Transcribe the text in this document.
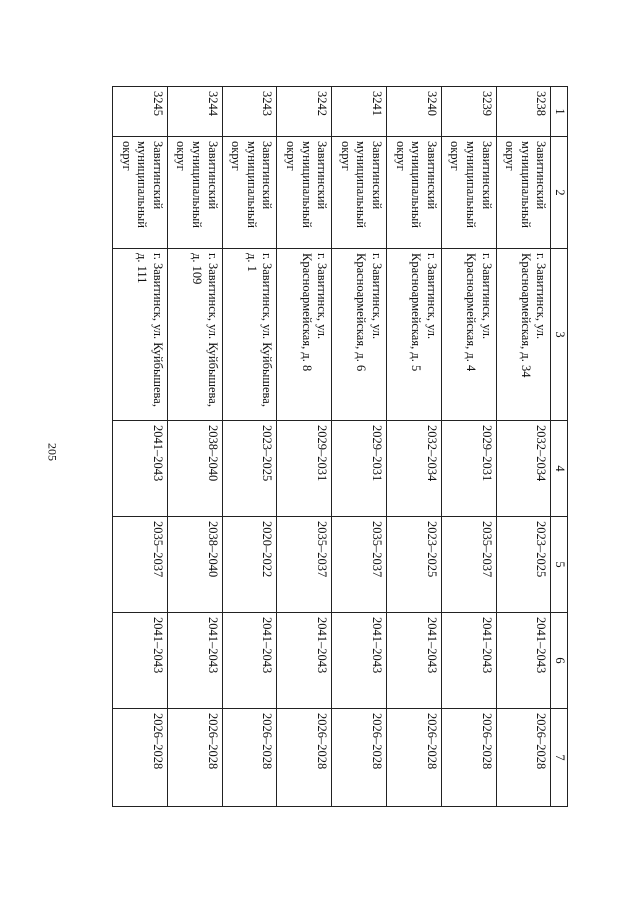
205
1	2	3	4	5	6	7
3238	Завитинский муниципальный округ	г. Завитинск, ул. Красноармейская, д. 34	2032–2034	2023–2025	2041–2043	2026–2028
3239	Завитинский муниципальный округ	г. Завитинск, ул. Красноармейская, д. 4	2029–2031	2035–2037	2041–2043	2026–2028
3240	Завитинский муниципальный округ	г. Завитинск, ул. Красноармейская, д. 5	2032–2034	2023–2025	2041–2043	2026–2028
3241	Завитинский муниципальный округ	г. Завитинск, ул. Красноармейская, д. 6	2029–2031	2035–2037	2041–2043	2026–2028
3242	Завитинский муниципальный округ	г. Завитинск, ул. Красноармейская, д. 8	2029–2031	2035–2037	2041–2043	2026–2028
3243	Завитинский муниципальный округ	г. Завитинск, ул. Куйбышева, д. 1	2023–2025	2020–2022	2041–2043	2026–2028
3244	Завитинский муниципальный округ	г. Завитинск, ул. Куйбышева, д. 109	2038–2040	2038–2040	2041–2043	2026–2028
3245	Завитинский муниципальный округ	г. Завитинск, ул. Куйбышева, д. 111	2041–2043	2035–2037	2041–2043	2026–2028
